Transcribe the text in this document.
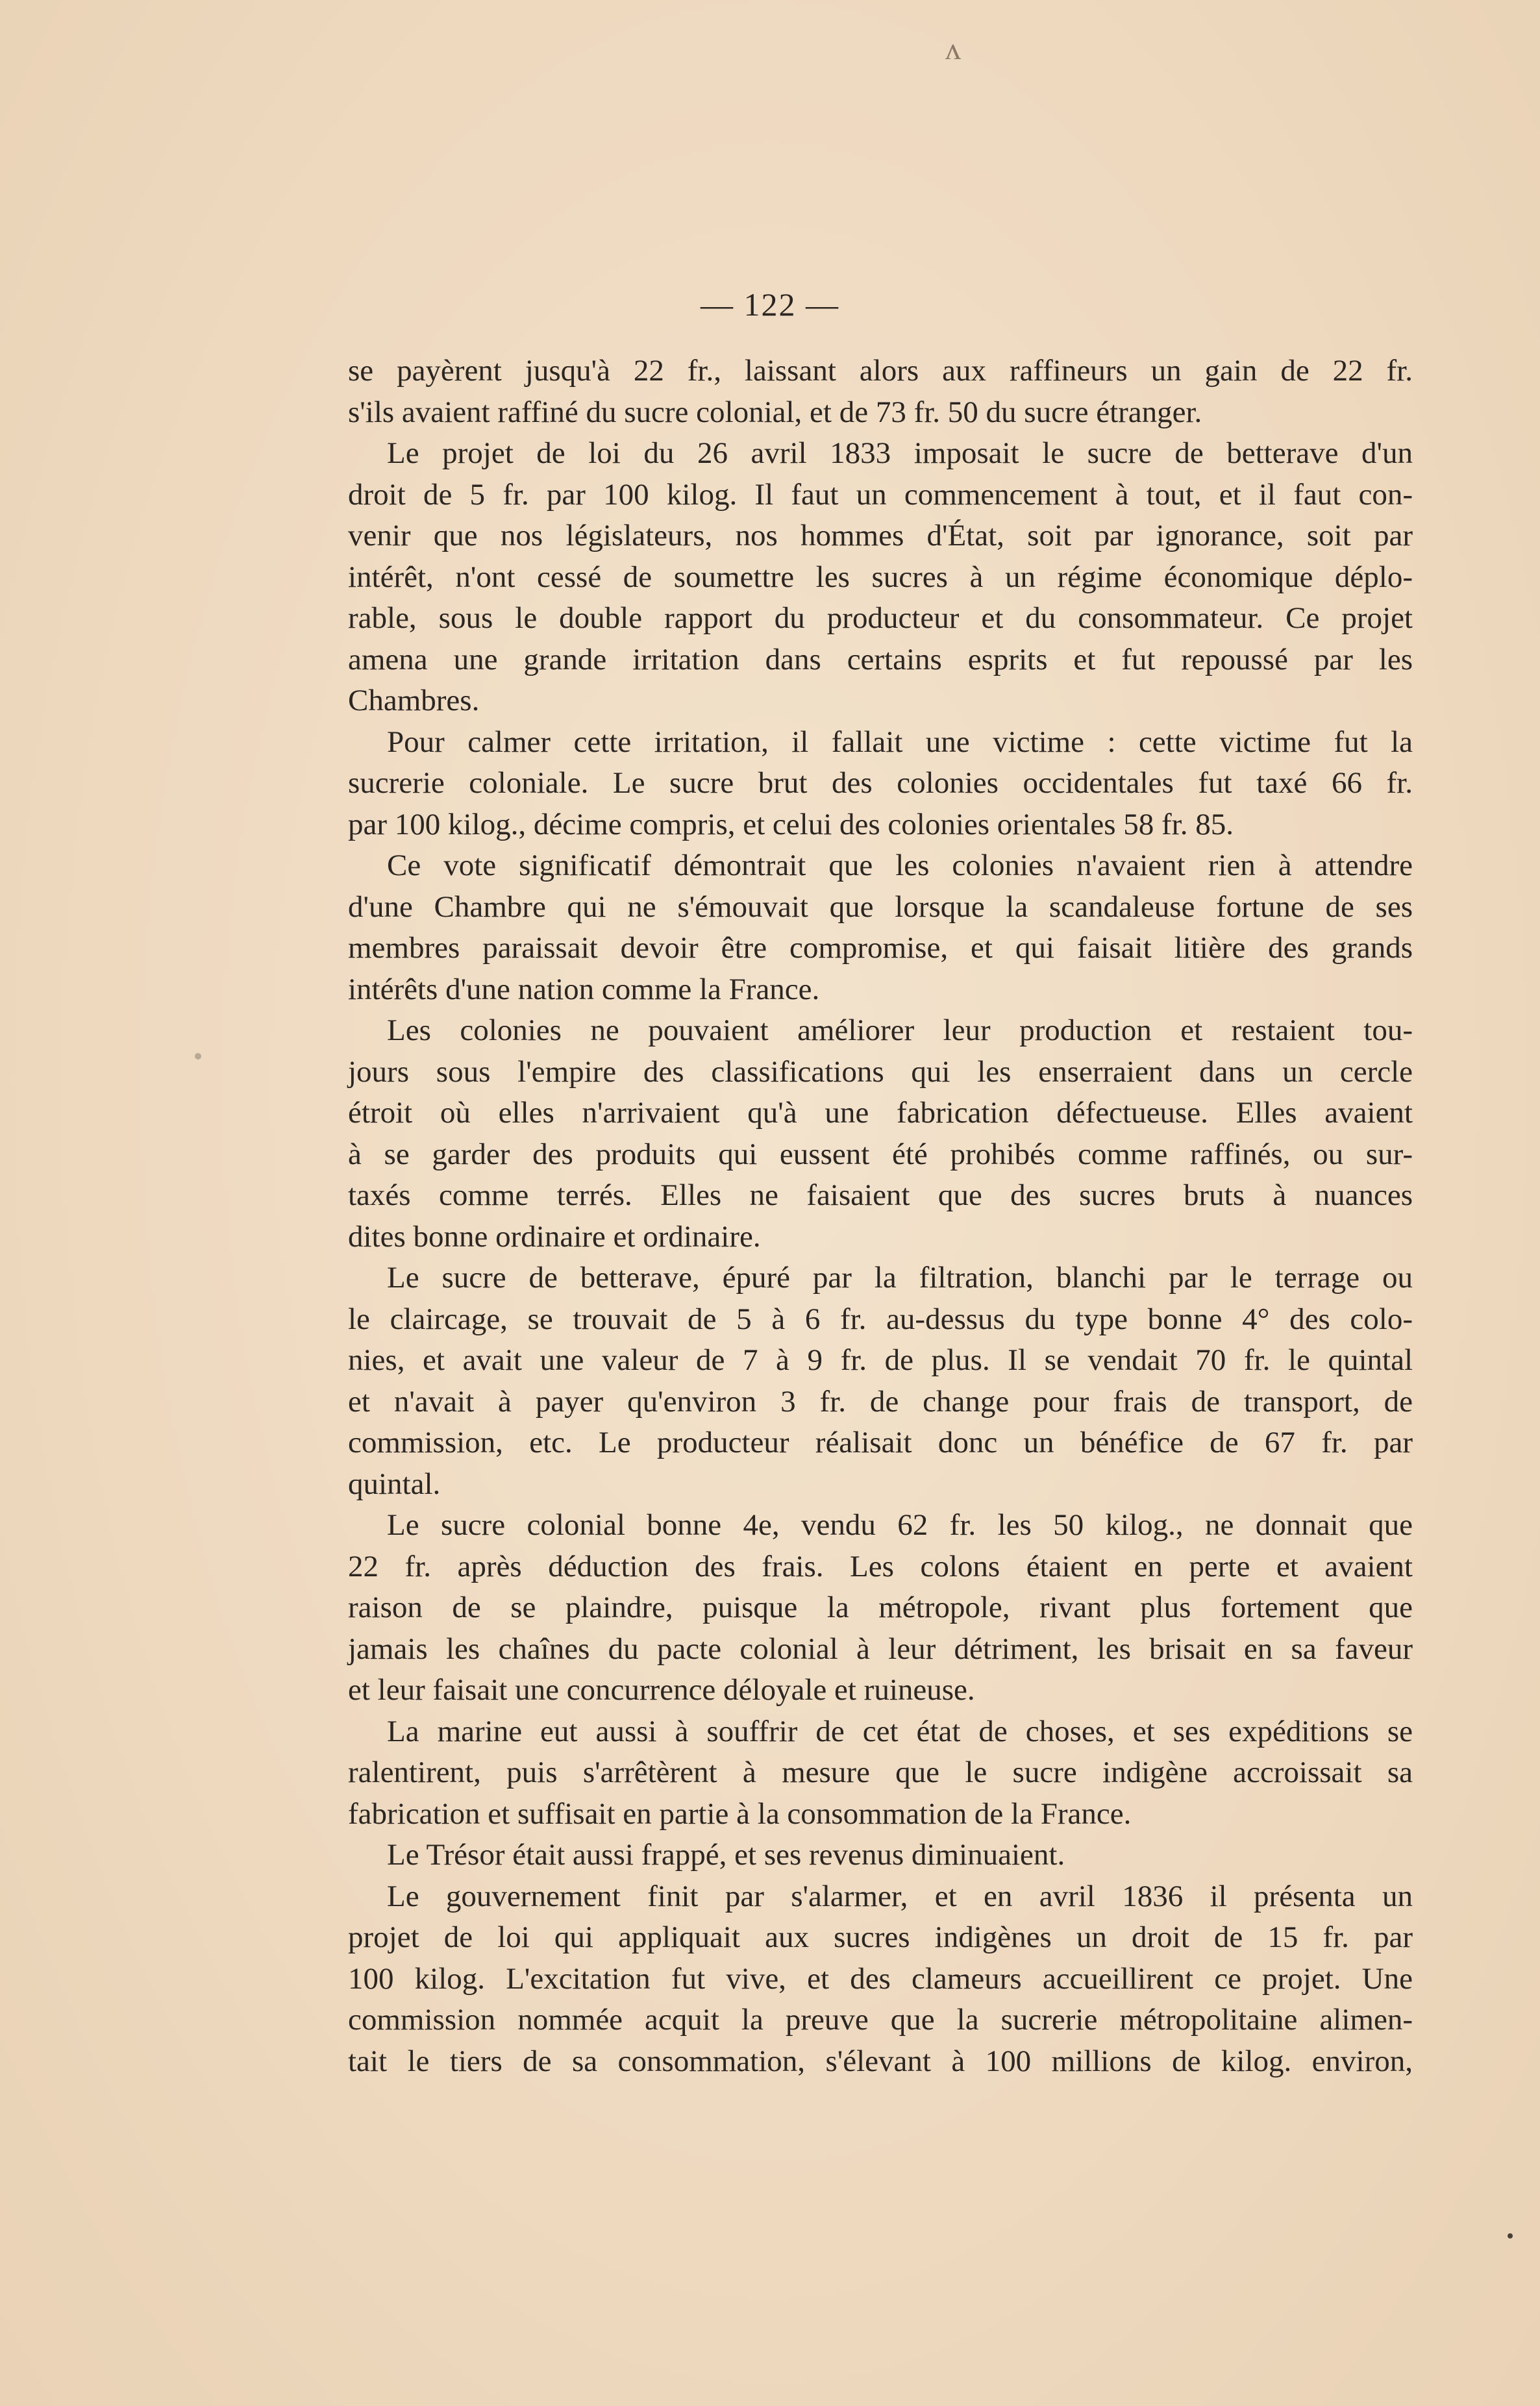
ʌ
— 122 —
se payèrent jusqu'à 22 fr., laissant alors aux raffineurs un gain de 22 fr.
s'ils avaient raffiné du sucre colonial, et de 73 fr. 50 du sucre étranger.
Le projet de loi du 26 avril 1833 imposait le sucre de betterave d'un
droit de 5 fr. par 100 kilog. Il faut un commencement à tout, et il faut con-
venir que nos législateurs, nos hommes d'État, soit par ignorance, soit par
intérêt, n'ont cessé de soumettre les sucres à un régime économique déplo-
rable, sous le double rapport du producteur et du consommateur. Ce projet
amena une grande irritation dans certains esprits et fut repoussé par les
Chambres.
Pour calmer cette irritation, il fallait une victime : cette victime fut la
sucrerie coloniale. Le sucre brut des colonies occidentales fut taxé 66 fr.
par 100 kilog., décime compris, et celui des colonies orientales 58 fr. 85.
Ce vote significatif démontrait que les colonies n'avaient rien à attendre
d'une Chambre qui ne s'émouvait que lorsque la scandaleuse fortune de ses
membres paraissait devoir être compromise, et qui faisait litière des grands
intérêts d'une nation comme la France.
Les colonies ne pouvaient améliorer leur production et restaient tou-
jours sous l'empire des classifications qui les enserraient dans un cercle
étroit où elles n'arrivaient qu'à une fabrication défectueuse. Elles avaient
à se garder des produits qui eussent été prohibés comme raffinés, ou sur-
taxés comme terrés. Elles ne faisaient que des sucres bruts à nuances
dites bonne ordinaire et ordinaire.
Le sucre de betterave, épuré par la filtration, blanchi par le terrage ou
le claircage, se trouvait de 5 à 6 fr. au-dessus du type bonne 4° des colo-
nies, et avait une valeur de 7 à 9 fr. de plus. Il se vendait 70 fr. le quintal
et n'avait à payer qu'environ 3 fr. de change pour frais de transport, de
commission, etc. Le producteur réalisait donc un bénéfice de 67 fr. par
quintal.
Le sucre colonial bonne 4e, vendu 62 fr. les 50 kilog., ne donnait que
22 fr. après déduction des frais. Les colons étaient en perte et avaient
raison de se plaindre, puisque la métropole, rivant plus fortement que
jamais les chaînes du pacte colonial à leur détriment, les brisait en sa faveur
et leur faisait une concurrence déloyale et ruineuse.
La marine eut aussi à souffrir de cet état de choses, et ses expéditions se
ralentirent, puis s'arrêtèrent à mesure que le sucre indigène accroissait sa
fabrication et suffisait en partie à la consommation de la France.
Le Trésor était aussi frappé, et ses revenus diminuaient.
Le gouvernement finit par s'alarmer, et en avril 1836 il présenta un
projet de loi qui appliquait aux sucres indigènes un droit de 15 fr. par
100 kilog. L'excitation fut vive, et des clameurs accueillirent ce projet. Une
commission nommée acquit la preuve que la sucrerie métropolitaine alimen-
tait le tiers de sa consommation, s'élevant à 100 millions de kilog. environ,
